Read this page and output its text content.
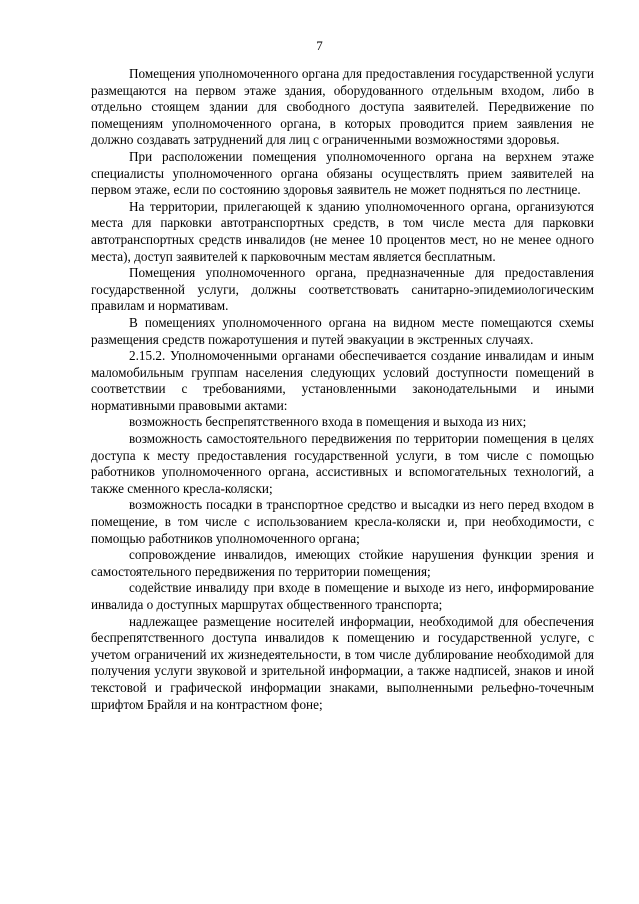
7

Помещения уполномоченного органа для предоставления государственной услуги размещаются на первом этаже здания, оборудованного отдельным входом, либо в отдельно стоящем здании для свободного доступа заявителей. Передвижение по помещениям уполномоченного органа, в которых проводится прием заявления не должно создавать затруднений для лиц с ограниченными возможностями здоровья.

При расположении помещения уполномоченного органа на верхнем этаже специалисты уполномоченного органа обязаны осуществлять прием заявителей на первом этаже, если по состоянию здоровья заявитель не может подняться по лестнице.

На территории, прилегающей к зданию уполномоченного органа, организуются места для парковки автотранспортных средств, в том числе места для парковки автотранспортных средств инвалидов (не менее 10 процентов мест, но не менее одного места), доступ заявителей к парковочным местам является бесплатным.

Помещения уполномоченного органа, предназначенные для предоставления государственной услуги, должны соответствовать санитарно-эпидемиологическим правилам и нормативам.

В помещениях уполномоченного органа на видном месте помещаются схемы размещения средств пожаротушения и путей эвакуации в экстренных случаях.

2.15.2. Уполномоченными органами обеспечивается создание инвалидам и иным маломобильным группам населения следующих условий доступности помещений в соответствии с требованиями, установленными законодательными и иными нормативными правовыми актами:

возможность беспрепятственного входа в помещения и выхода из них;

возможность самостоятельного передвижения по территории помещения в целях доступа к месту предоставления государственной услуги, в том числе с помощью работников уполномоченного органа, ассистивных и вспомогательных технологий, а также сменного кресла-коляски;

возможность посадки в транспортное средство и высадки из него перед входом в помещение, в том числе с использованием кресла-коляски и, при необходимости, с помощью работников уполномоченного органа;

сопровождение инвалидов, имеющих стойкие нарушения функции зрения и самостоятельного передвижения по территории помещения;

содействие инвалиду при входе в помещение и выходе из него, информирование инвалида о доступных маршрутах общественного транспорта;

надлежащее размещение носителей информации, необходимой для обеспечения беспрепятственного доступа инвалидов к помещению и государственной услуге, с учетом ограничений их жизнедеятельности, в том числе дублирование необходимой для получения услуги звуковой и зрительной информации, а также надписей, знаков и иной текстовой и графической информации знаками, выполненными рельефно-точечным шрифтом Брайля и на контрастном фоне;
